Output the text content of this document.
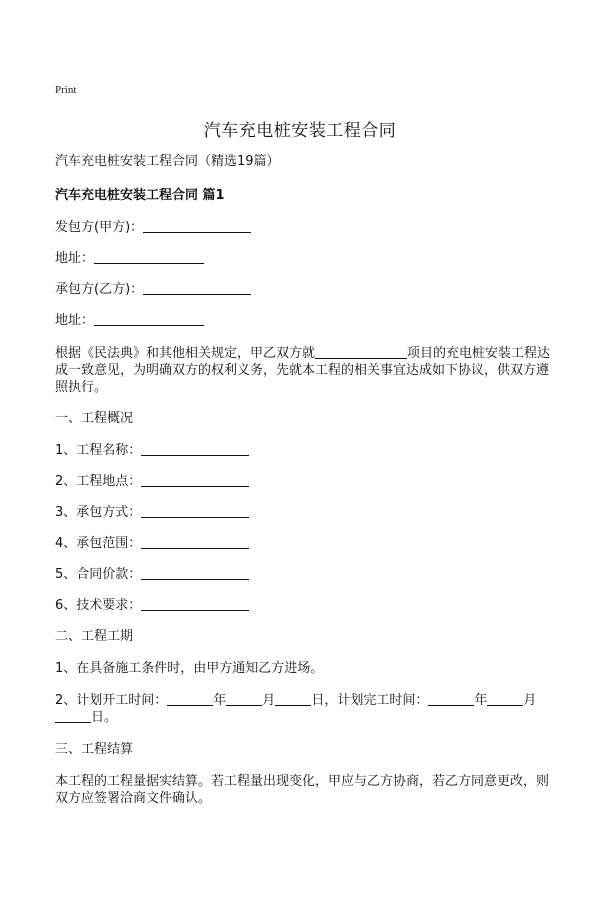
Print
汽车充电桩安装工程合同
汽车充电桩安装工程合同（精选19篇）
汽车充电桩安装工程合同 篇1
发包方(甲方)：
地址：
承包方(乙方)：
地址：
根据《民法典》和其他相关规定，甲乙双方就	项目的充电桩安装工程达成一致意见，为明确双方的权利义务，先就本工程的相关事宜达成如下协议，供双方遵照执行。
一、工程概况
1、工程名称：
2、工程地点：
3、承包方式：
4、承包范围：
5、合同价款：
6、技术要求：
二、工程工期
1、在具备施工条件时，由甲方通知乙方进场。
2、计划开工时间：	年	月	日，计划完工时间：	年	月日。
三、工程结算
本工程的工程量据实结算。若工程量出现变化，甲应与乙方协商，若乙方同意更改，则双方应签署洽商文件确认。
